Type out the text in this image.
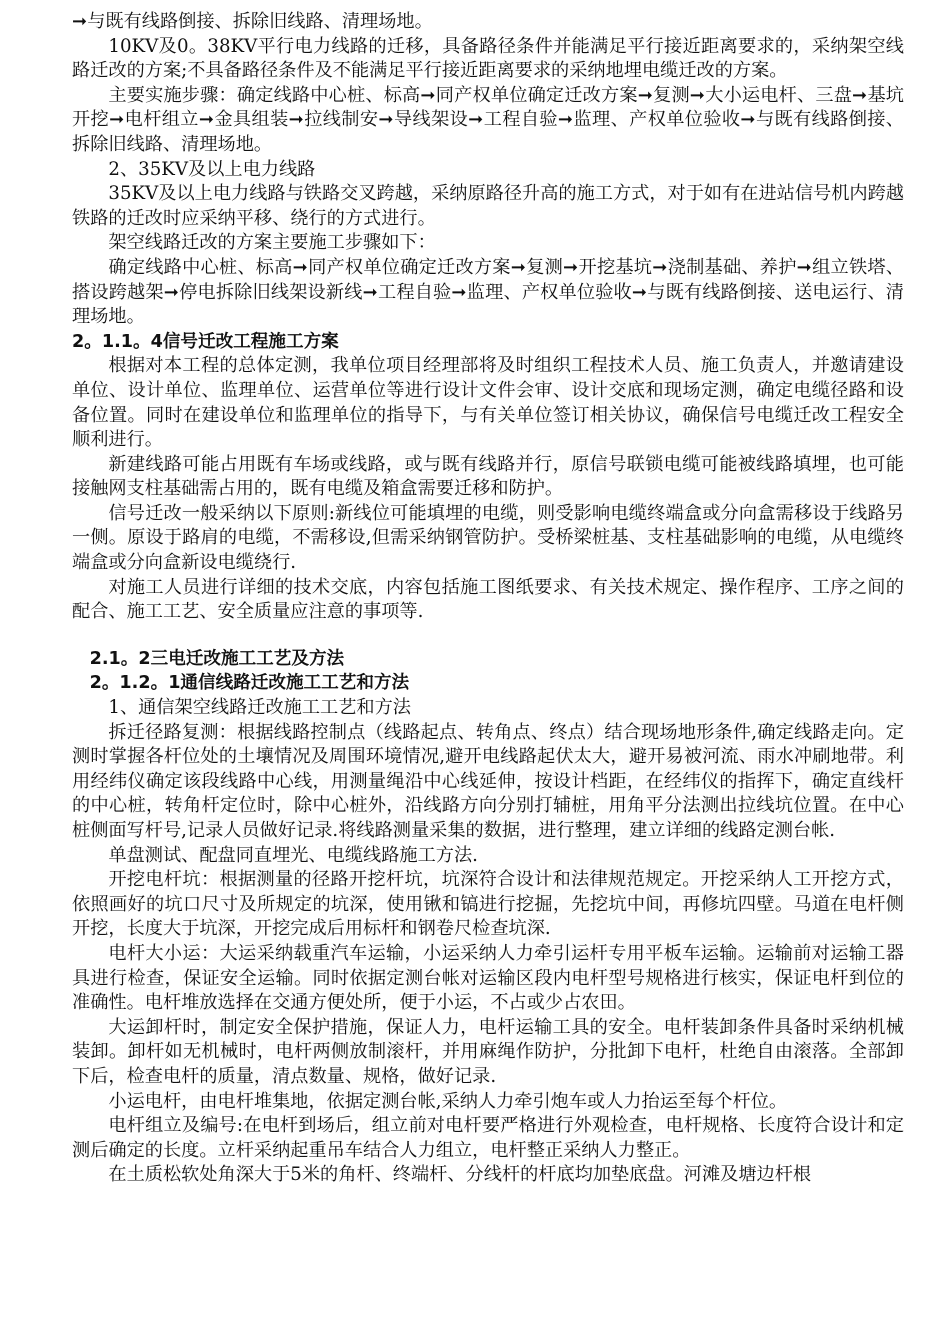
➞与既有线路倒接、拆除旧线路、清理场地。

10KV及0。38KV平行电力线路的迁移，具备路径条件并能满足平行接近距离要求的，采纳架空线路迁改的方案;不具备路径条件及不能满足平行接近距离要求的采纳地埋电缆迁改的方案。

主要实施步骤：确定线路中心桩、标高➞同产权单位确定迁改方案➞复测➞大小运电杆、三盘➞基坑开挖➞电杆组立➞金具组装➞拉线制安➞导线架设➞工程自验➞监理、产权单位验收➞与既有线路倒接、拆除旧线路、清理场地。

2、35KV及以上电力线路

35KV及以上电力线路与铁路交叉跨越，采纳原路径升高的施工方式，对于如有在进站信号机内跨越铁路的迁改时应采纳平移、绕行的方式进行。

架空线路迁改的方案主要施工步骤如下：

确定线路中心桩、标高➞同产权单位确定迁改方案➞复测➞开挖基坑➞浇制基础、养护➞组立铁塔、搭设跨越架➞停电拆除旧线架设新线➞工程自验➞监理、产权单位验收➞与既有线路倒接、送电运行、清理场地。

2。1.1。4信号迁改工程施工方案

根据对本工程的总体定测，我单位项目经理部将及时组织工程技术人员、施工负责人，并邀请建设单位、设计单位、监理单位、运营单位等进行设计文件会审、设计交底和现场定测，确定电缆径路和设备位置。同时在建设单位和监理单位的指导下，与有关单位签订相关协议，确保信号电缆迁改工程安全顺利进行。

新建线路可能占用既有车场或线路，或与既有线路并行，原信号联锁电缆可能被线路填埋，也可能接触网支柱基础需占用的，既有电缆及箱盒需要迁移和防护。

信号迁改一般采纳以下原则:新线位可能填埋的电缆，则受影响电缆终端盒或分向盒需移设于线路另一侧。原设于路肩的电缆，不需移设,但需采纳钢管防护。受桥梁桩基、支柱基础影响的电缆，从电缆终端盒或分向盒新设电缆绕行.

对施工人员进行详细的技术交底，内容包括施工图纸要求、有关技术规定、操作程序、工序之间的配合、施工工艺、安全质量应注意的事项等.

2.1。2三电迁改施工工艺及方法

2。1.2。1通信线路迁改施工工艺和方法

1、通信架空线路迁改施工工艺和方法

拆迁径路复测：根据线路控制点（线路起点、转角点、终点）结合现场地形条件,确定线路走向。定测时掌握各杆位处的土壤情况及周围环境情况,避开电线路起伏太大，避开易被河流、雨水冲刷地带。利用经纬仪确定该段线路中心线，用测量绳沿中心线延伸，按设计档距，在经纬仪的指挥下，确定直线杆的中心桩，转角杆定位时，除中心桩外，沿线路方向分别打辅桩，用角平分法测出拉线坑位置。在中心桩侧面写杆号,记录人员做好记录.将线路测量采集的数据，进行整理，建立详细的线路定测台帐.

单盘测试、配盘同直埋光、电缆线路施工方法.

开挖电杆坑：根据测量的径路开挖杆坑，坑深符合设计和法律规范规定。开挖采纳人工开挖方式，依照画好的坑口尺寸及所规定的坑深，使用锹和镐进行挖掘，先挖坑中间，再修坑四壁。马道在电杆侧开挖，长度大于坑深，开挖完成后用标杆和钢卷尺检查坑深.

电杆大小运：大运采纳载重汽车运输，小运采纳人力牵引运杆专用平板车运输。运输前对运输工器具进行检查，保证安全运输。同时依据定测台帐对运输区段内电杆型号规格进行核实，保证电杆到位的准确性。电杆堆放选择在交通方便处所，便于小运，不占或少占农田。

大运卸杆时，制定安全保护措施，保证人力，电杆运输工具的安全。电杆装卸条件具备时采纳机械装卸。卸杆如无机械时，电杆两侧放制滚杆，并用麻绳作防护，分批卸下电杆，杜绝自由滚落。全部卸下后，检查电杆的质量，清点数量、规格，做好记录.

小运电杆，由电杆堆集地，依据定测台帐,采纳人力牵引炮车或人力抬运至每个杆位。

电杆组立及编号:在电杆到场后，组立前对电杆要严格进行外观检查，电杆规格、长度符合设计和定测后确定的长度。立杆采纳起重吊车结合人力组立，电杆整正采纳人力整正。

在土质松软处角深大于5米的角杆、终端杆、分线杆的杆底均加垫底盘。河滩及塘边杆根
